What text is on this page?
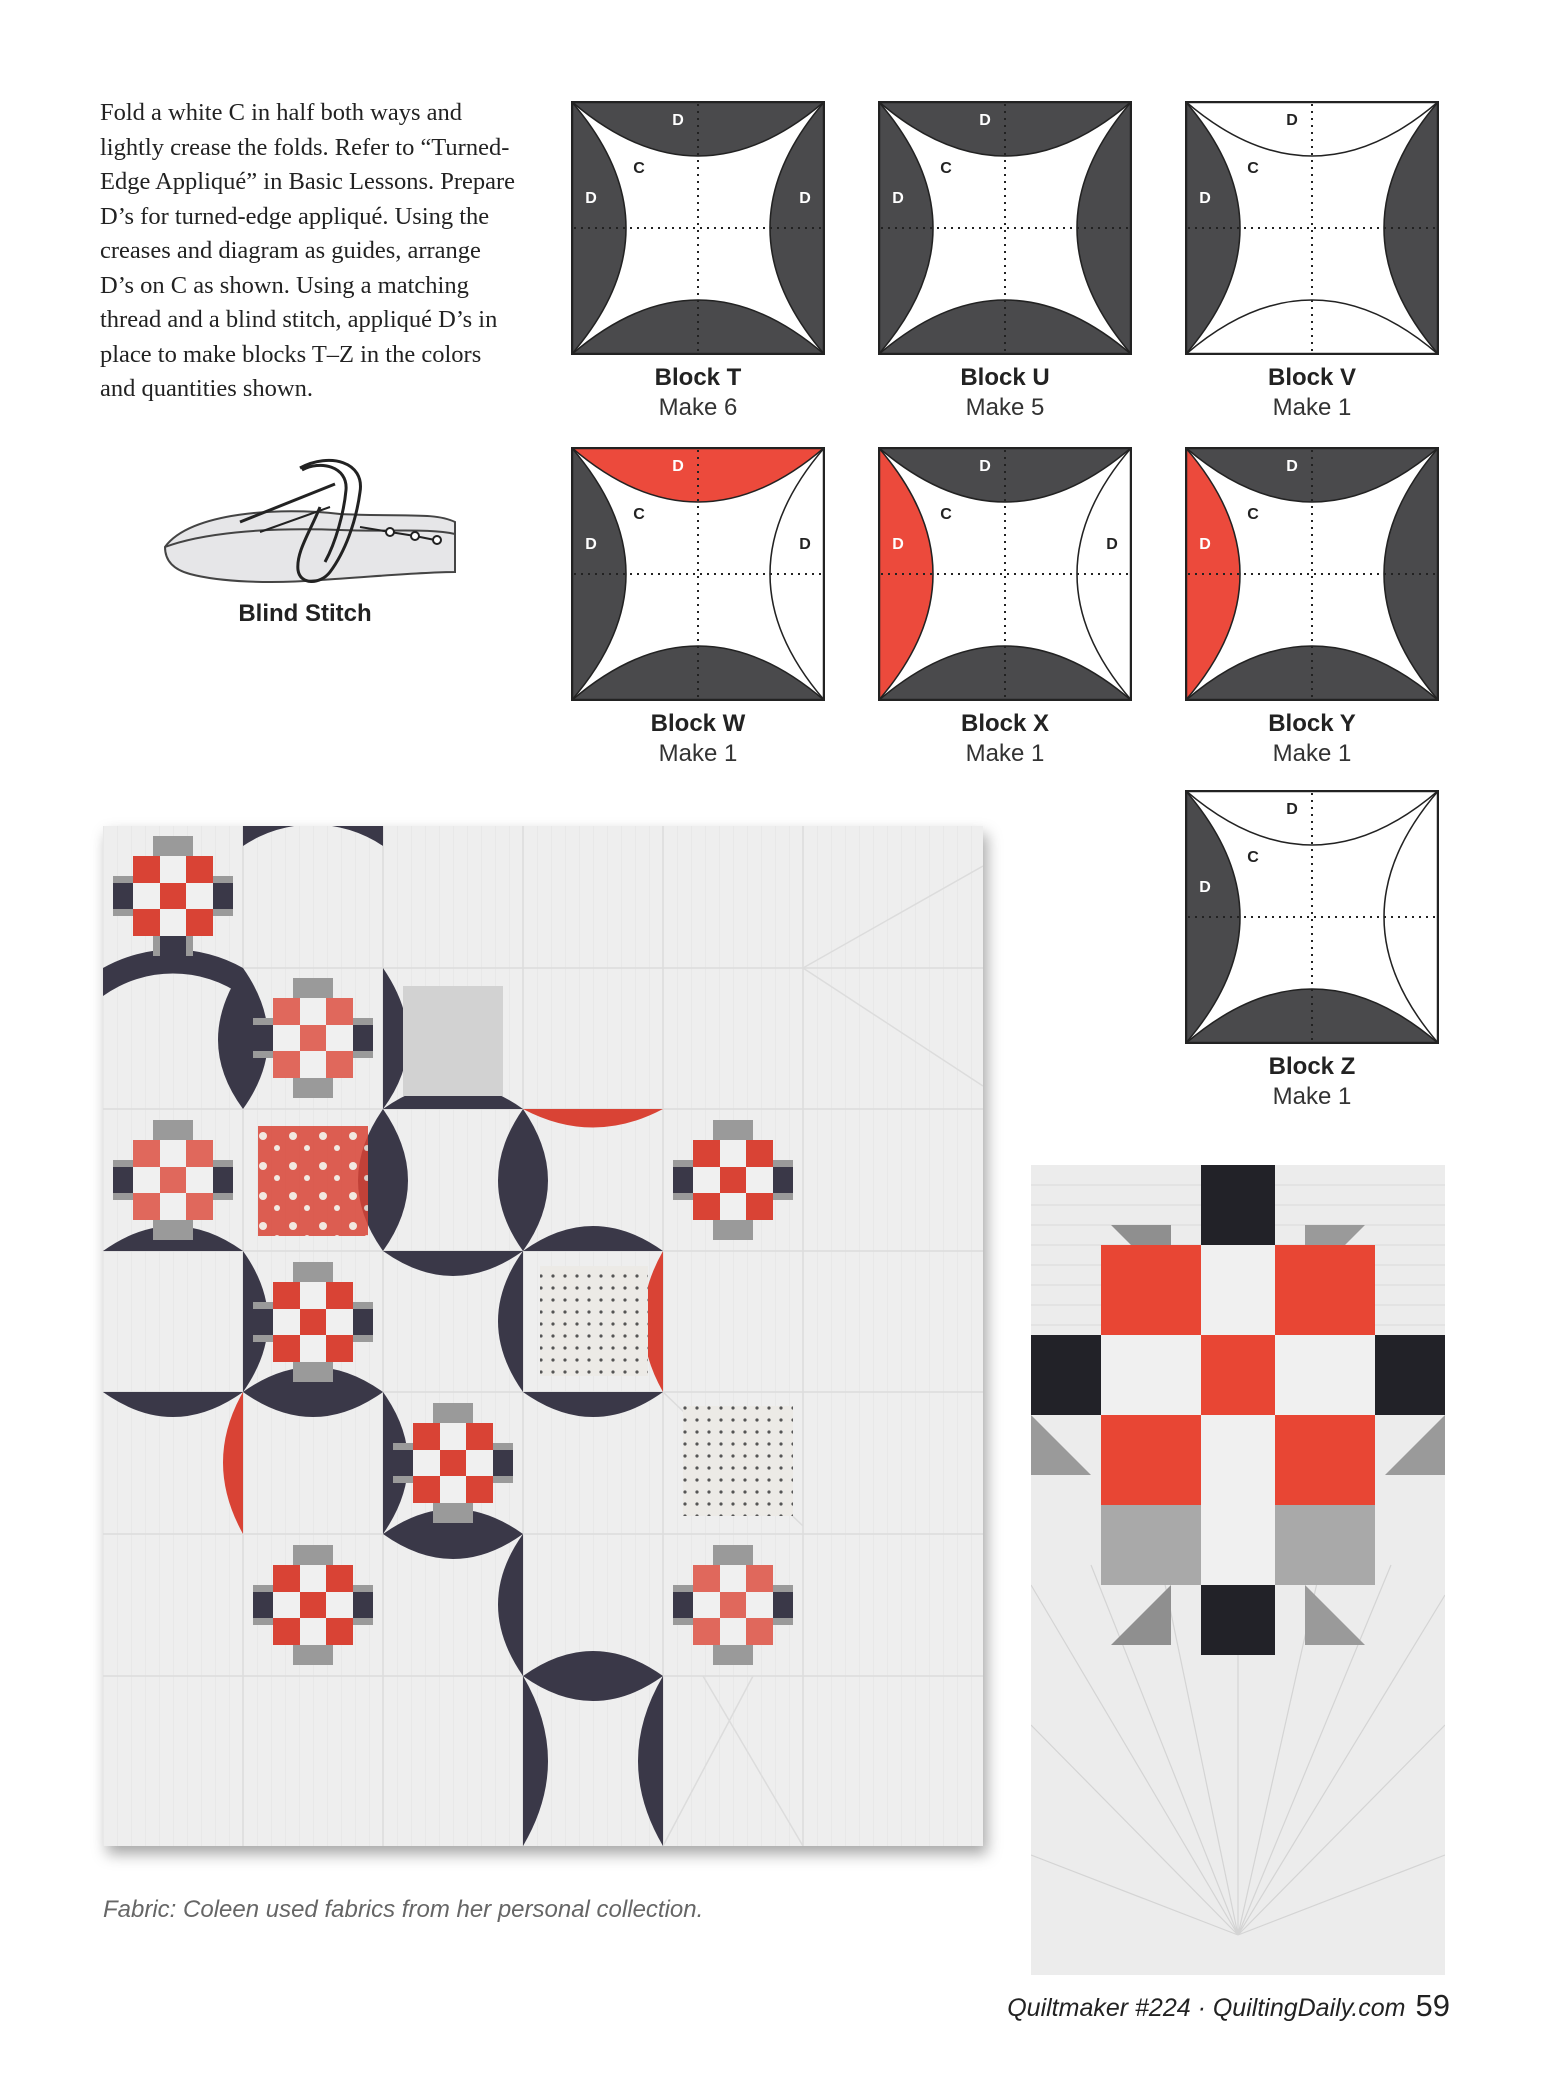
Fold a white C in half both ways and lightly crease the folds. Refer to “Turned-Edge Appliqué” in Basic Lessons. Prepare D’s for turned-edge appliqué. Using the creases and diagram as guides, arrange D’s on C as shown. Using a matching thread and a blind stitch, appliqué D’s in place to make blocks T–Z in the colors and quantities shown.

Blind Stitch
D
D	D
C
Block T
Make 6
D
D
C
Block U
Make 5
D
D
C
Block V
Make 1
D
D	D
C
Block W
Make 1
D
D	D
C
Block X
Make 1
D
D
C
Block Y
Make 1
D
D
C
Block Z
Make 1
Fabric: Coleen used fabrics from her personal collection.
Quiltmaker #224 · QuiltingDaily.com 59
